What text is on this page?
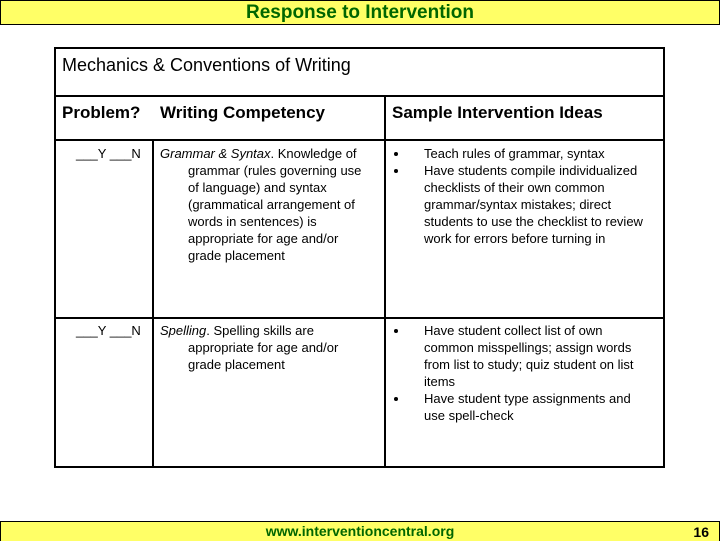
Response to Intervention
Mechanics & Conventions of Writing
Problem? Writing Competency	Sample Intervention Ideas
___Y ___N Grammar & Syntax. Knowledge of
grammar (rules governing use
of language) and syntax
(grammatical arrangement of
words in sentences) is
appropriate for age and/or
grade placement
Teach rules of grammar, syntax
Have students compile individualized
checklists of their own common
grammar/syntax mistakes; direct
students to use the checklist to review
work for errors before turning in
___Y ___N Spelling. Spelling skills are
appropriate for age and/or
grade placement
Have student collect list of own
common misspellings; assign words
from list to study; quiz student on list
items
Have student type assignments and
use spell-check
www.interventioncentral.org	16
